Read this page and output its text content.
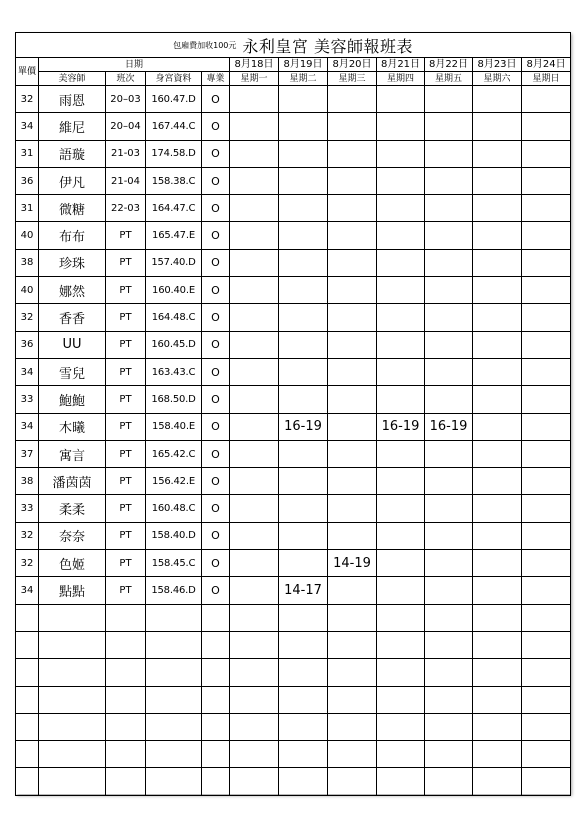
包廂費加收100元 永利皇宮 美容師報班表											
單價	日期				8月18日	8月19日	8月20日	8月21日	8月22日	8月23日	8月24日
	美容師	班次	身宮資料	專業	星期一	星期二	星期三	星期四	星期五	星期六	星期日
32	雨恩	20–03	160.47.D	O							
34	維尼	20–04	167.44.C	O							
31	語璇	21-03	174.58.D	O							
36	伊凡	21-04	158.38.C	O							
31	微糖	22-03	164.47.C	O							
40	布布	PT	165.47.E	O							
38	珍珠	PT	157.40.D	O							
40	娜然	PT	160.40.E	O							
32	香香	PT	164.48.C	O							
36	UU	PT	160.45.D	O							
34	雪兒	PT	163.43.C	O							
33	鮑鮑	PT	168.50.D	O							
34	木曦	PT	158.40.E	O		16-19		16-19	16-19		
37	寓言	PT	165.42.C	O							
38	潘茵茵	PT	156.42.E	O							
33	柔柔	PT	160.48.C	O							
32	奈奈	PT	158.40.D	O							
32	色姬	PT	158.45.C	O			14-19				
34	點點	PT	158.46.D	O		14-17					
